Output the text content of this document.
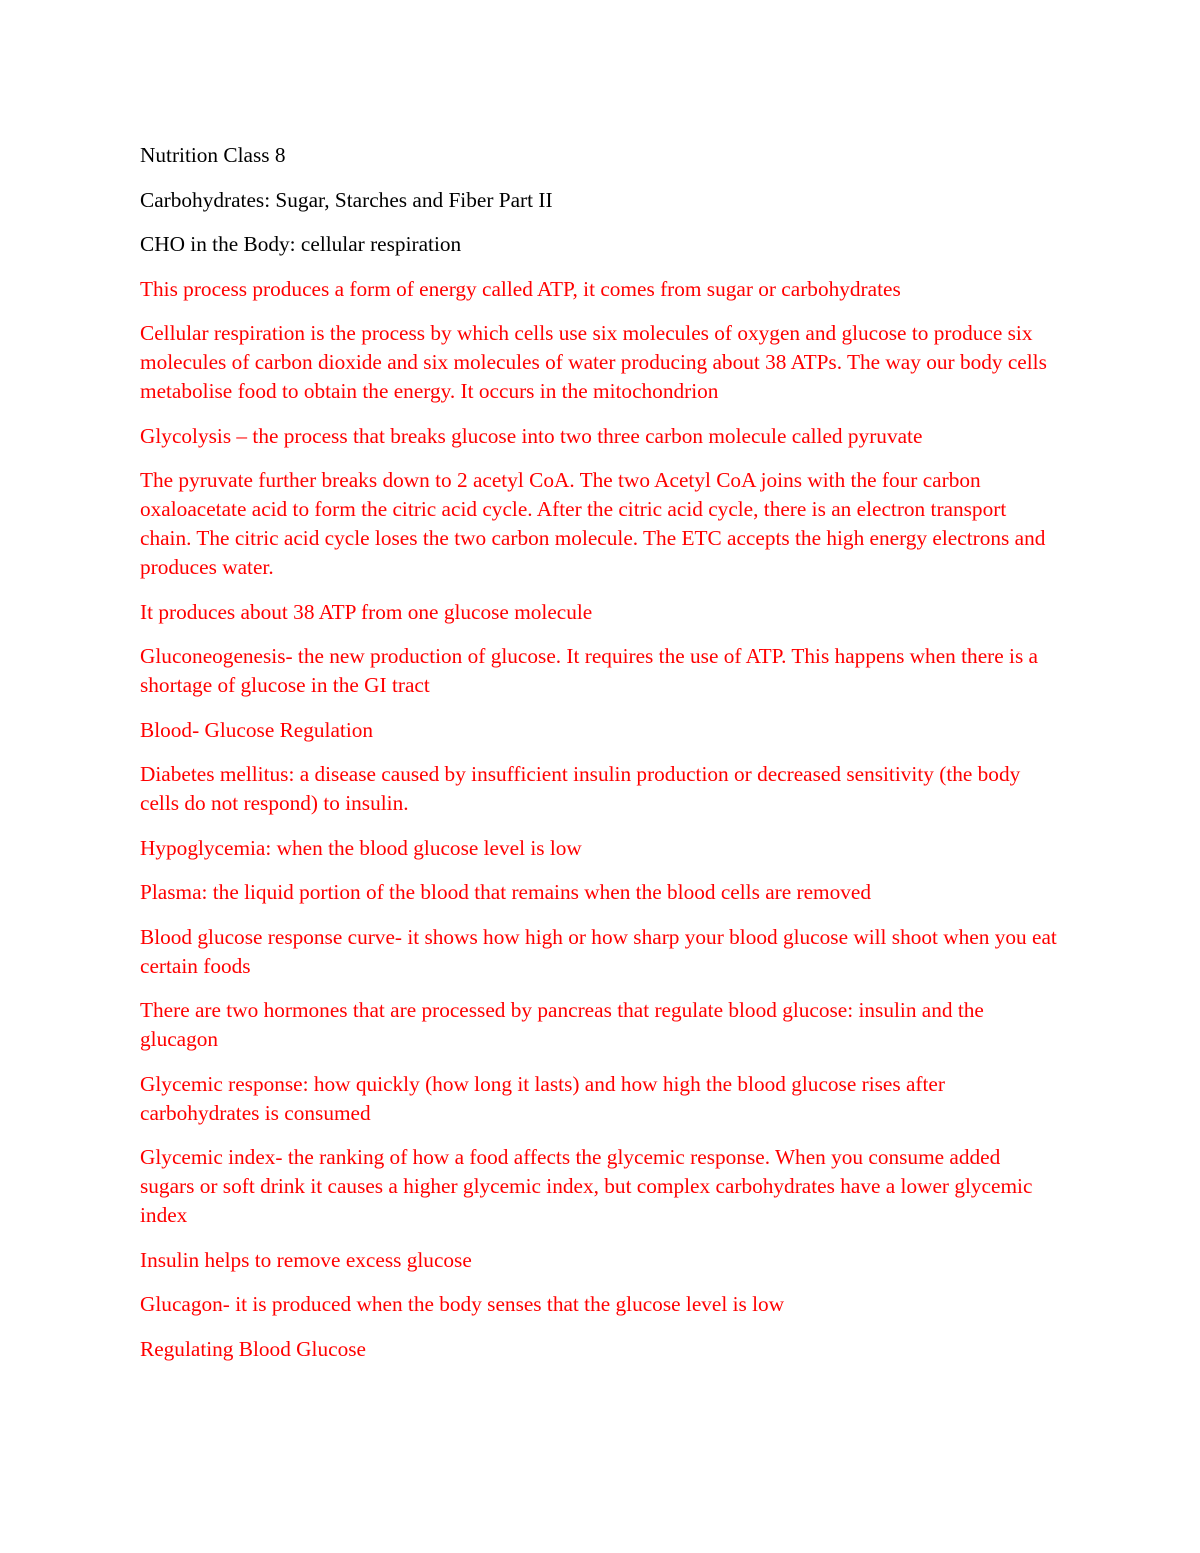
Nutrition Class 8

Carbohydrates: Sugar, Starches and Fiber Part II

CHO in the Body: cellular respiration

This process produces a form of energy called ATP, it comes from sugar or carbohydrates

Cellular respiration is the process by which cells use six molecules of oxygen and glucose to produce six molecules of carbon dioxide and six molecules of water producing about 38 ATPs. The way our body cells metabolise food to obtain the energy. It occurs in the mitochondrion

Glycolysis – the process that breaks glucose into two three carbon molecule called pyruvate

The pyruvate further breaks down to 2 acetyl CoA. The two Acetyl CoA joins with the four carbon oxaloacetate acid to form the citric acid cycle. After the citric acid cycle, there is an electron transport chain. The citric acid cycle loses the two carbon molecule. The ETC accepts the high energy electrons and produces water.

It produces about 38 ATP from one glucose molecule

Gluconeogenesis- the new production of glucose. It requires the use of ATP. This happens when there is a shortage of glucose in the GI tract

Blood- Glucose Regulation

Diabetes mellitus: a disease caused by insufficient insulin production or decreased sensitivity (the body cells do not respond) to insulin.

Hypoglycemia: when the blood glucose level is low

Plasma: the liquid portion of the blood that remains when the blood cells are removed

Blood glucose response curve- it shows how high or how sharp your blood glucose will shoot when you eat certain foods

There are two hormones that are processed by pancreas that regulate blood glucose: insulin and the glucagon

Glycemic response: how quickly (how long it lasts) and how high the blood glucose rises after carbohydrates is consumed

Glycemic index- the ranking of how a food affects the glycemic response. When you consume added sugars or soft drink it causes a higher glycemic index, but complex carbohydrates have a lower glycemic index

Insulin helps to remove excess glucose

Glucagon- it is produced when the body senses that the glucose level is low

Regulating Blood Glucose
